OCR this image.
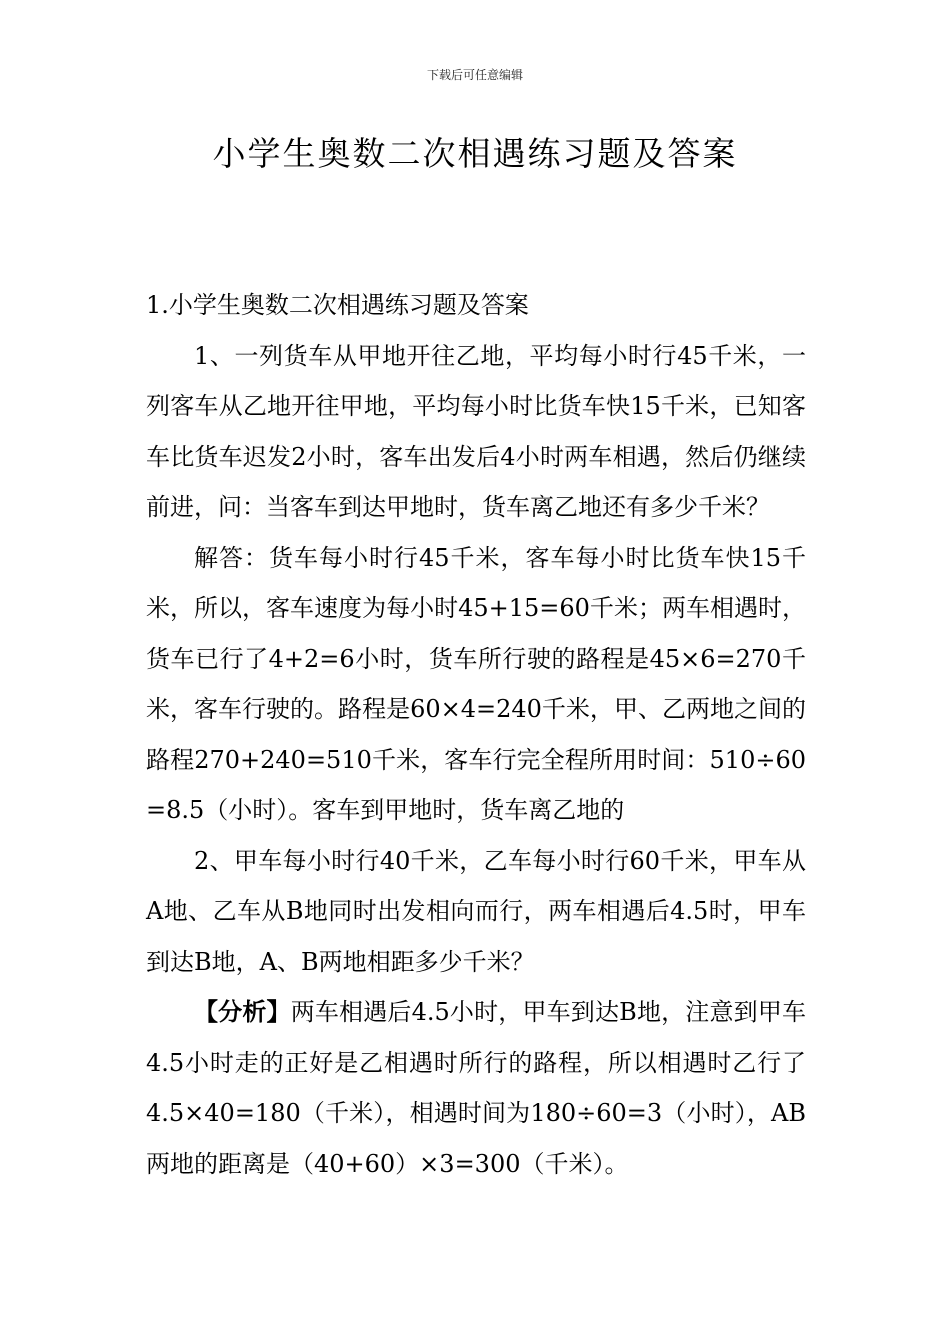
下载后可任意编辑
小学生奥数二次相遇练习题及答案

1.小学生奥数二次相遇练习题及答案

1、一列货车从甲地开往乙地，平均每小时行45千米，一列客车从乙地开往甲地，平均每小时比货车快15千米，已知客车比货车迟发2小时，客车出发后4小时两车相遇，然后仍继续前进，问：当客车到达甲地时，货车离乙地还有多少千米？

解答：货车每小时行45千米，客车每小时比货车快15千米，所以，客车速度为每小时45+15=60千米；两车相遇时，货车已行了4+2=6小时，货车所行驶的路程是45×6=270千米，客车行驶的。路程是60×4=240千米，甲、乙两地之间的路程270+240=510千米，客车行完全程所用时间：510÷60=8.5（小时）。客车到甲地时，货车离乙地的

2、甲车每小时行40千米，乙车每小时行60千米，甲车从A地、乙车从B地同时出发相向而行，两车相遇后4.5时，甲车到达B地，A、B两地相距多少千米？

【分析】两车相遇后4.5小时，甲车到达B地，注意到甲车4.5小时走的正好是乙相遇时所行的路程，所以相遇时乙行了4.5×40=180（千米），相遇时间为180÷60=3（小时），AB两地的距离是（40+60）×3=300（千米）。
